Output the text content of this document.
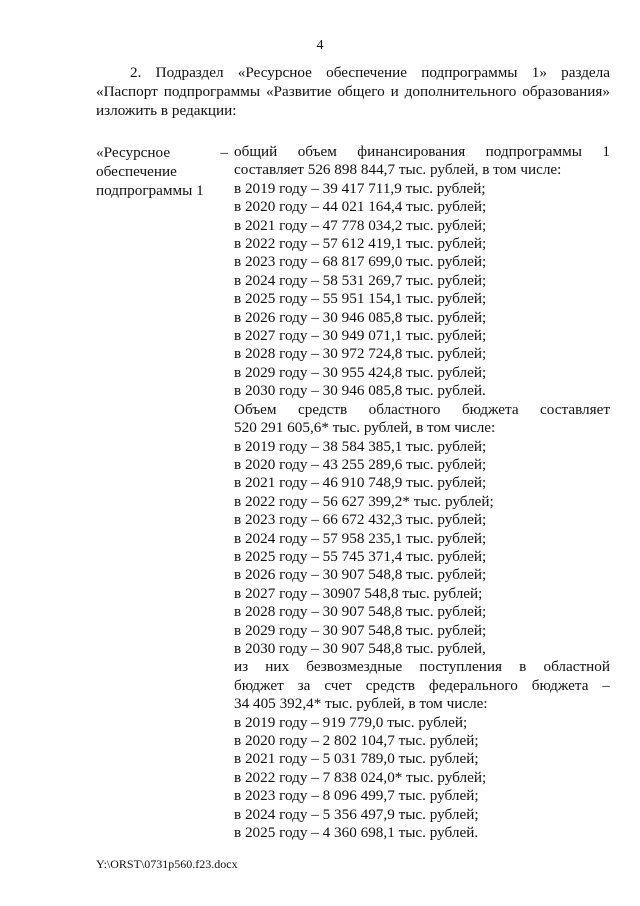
4

2. Подраздел «Ресурсное обеспечение подпрограммы 1» раздела

«Паспорт подпрограммы «Развитие общего и дополнительного образования»

изложить в редакции:

«Ресурсное	–
обеспечение
подпрограммы 1
общий объем финансирования подпрограммы 1
составляет 526 898 844,7 тыс. рублей, в том числе:
в 2019 году – 39 417 711,9 тыс. рублей;
в 2020 году – 44 021 164,4 тыс. рублей;
в 2021 году – 47 778 034,2 тыс. рублей;
в 2022 году – 57 612 419,1 тыс. рублей;
в 2023 году – 68 817 699,0 тыс. рублей;
в 2024 году – 58 531 269,7 тыс. рублей;
в 2025 году – 55 951 154,1 тыс. рублей;
в 2026 году – 30 946 085,8 тыс. рублей;
в 2027 году – 30 949 071,1 тыс. рублей;
в 2028 году – 30 972 724,8 тыс. рублей;
в 2029 году – 30 955 424,8 тыс. рублей;
в 2030 году – 30 946 085,8 тыс. рублей.
Объем средств областного бюджета составляет
520 291 605,6* тыс. рублей, в том числе:
в 2019 году – 38 584 385,1 тыс. рублей;
в 2020 году – 43 255 289,6 тыс. рублей;
в 2021 году – 46 910 748,9 тыс. рублей;
в 2022 году – 56 627 399,2* тыс. рублей;
в 2023 году – 66 672 432,3 тыс. рублей;
в 2024 году – 57 958 235,1 тыс. рублей;
в 2025 году – 55 745 371,4 тыс. рублей;
в 2026 году – 30 907 548,8 тыс. рублей;
в 2027 году – 30907 548,8 тыс. рублей;
в 2028 году – 30 907 548,8 тыс. рублей;
в 2029 году – 30 907 548,8 тыс. рублей;
в 2030 году – 30 907 548,8 тыс. рублей,
из них безвозмездные поступления в областной
бюджет за счет средств федерального бюджета –
34 405 392,4* тыс. рублей, в том числе:
в 2019 году – 919 779,0 тыс. рублей;
в 2020 году – 2 802 104,7 тыс. рублей;
в 2021 году – 5 031 789,0 тыс. рублей;
в 2022 году – 7 838 024,0* тыс. рублей;
в 2023 году – 8 096 499,7 тыс. рублей;
в 2024 году – 5 356 497,9 тыс. рублей;
в 2025 году – 4 360 698,1 тыс. рублей.
Y:\ORST\0731p560.f23.docx
